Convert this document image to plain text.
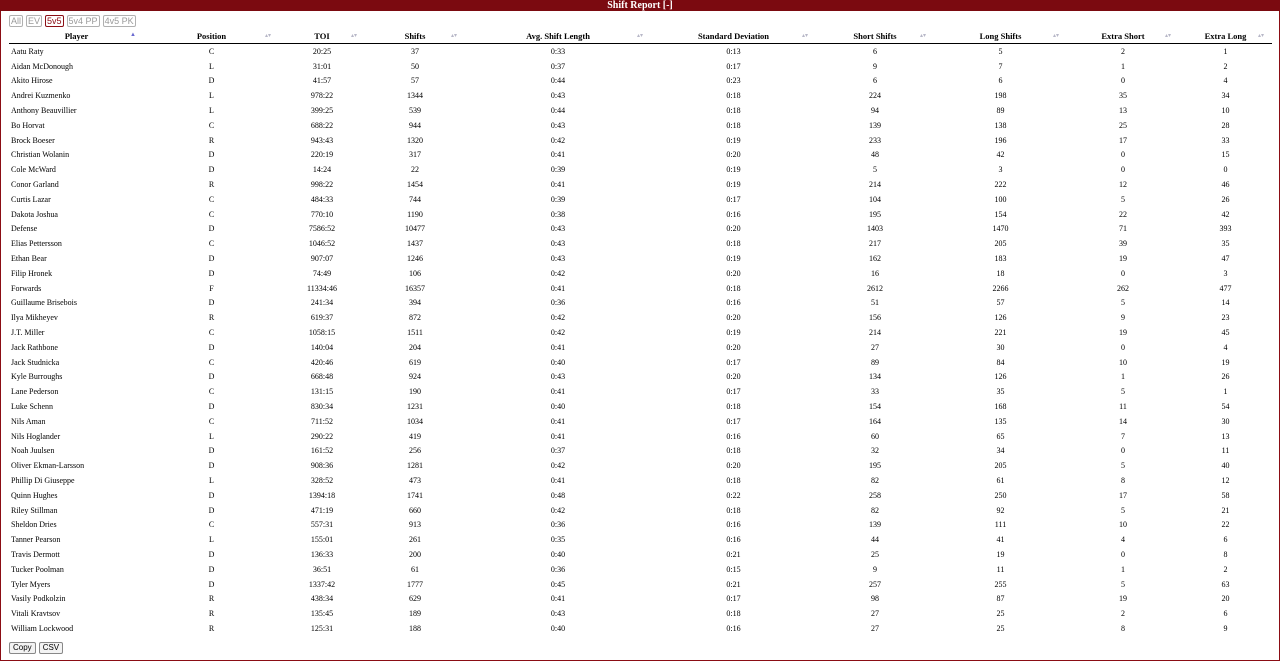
Shift Report [-]
All EV 5v5 5v4 PP 4v5 PK
Player ▲	Position ▴▾	TOI ▴▾	Shifts ▴▾	Avg. Shift Length ▴▾	Standard Deviation ▴▾	Short Shifts ▴▾	Long Shifts ▴▾	Extra Short ▴▾	Extra Long ▴▾

Aatu Raty	C	20:25	37	0:33	0:13	6	5	2	1
Aidan McDonough	L	31:01	50	0:37	0:17	9	7	1	2
Akito Hirose	D	41:57	57	0:44	0:23	6	6	0	4
Andrei Kuzmenko	L	978:22	1344	0:43	0:18	224	198	35	34
Anthony Beauvillier	L	399:25	539	0:44	0:18	94	89	13	10
Bo Horvat	C	688:22	944	0:43	0:18	139	138	25	28
Brock Boeser	R	943:43	1320	0:42	0:19	233	196	17	33
Christian Wolanin	D	220:19	317	0:41	0:20	48	42	0	15
Cole McWard	D	14:24	22	0:39	0:19	5	3	0	0
Conor Garland	R	998:22	1454	0:41	0:19	214	222	12	46
Curtis Lazar	C	484:33	744	0:39	0:17	104	100	5	26
Dakota Joshua	C	770:10	1190	0:38	0:16	195	154	22	42
Defense	D	7586:52	10477	0:43	0:20	1403	1470	71	393
Elias Pettersson	C	1046:52	1437	0:43	0:18	217	205	39	35
Ethan Bear	D	907:07	1246	0:43	0:19	162	183	19	47
Filip Hronek	D	74:49	106	0:42	0:20	16	18	0	3
Forwards	F	11334:46	16357	0:41	0:18	2612	2266	262	477
Guillaume Brisebois	D	241:34	394	0:36	0:16	51	57	5	14
Ilya Mikheyev	R	619:37	872	0:42	0:20	156	126	9	23
J.T. Miller	C	1058:15	1511	0:42	0:19	214	221	19	45
Jack Rathbone	D	140:04	204	0:41	0:20	27	30	0	4
Jack Studnicka	C	420:46	619	0:40	0:17	89	84	10	19
Kyle Burroughs	D	668:48	924	0:43	0:20	134	126	1	26
Lane Pederson	C	131:15	190	0:41	0:17	33	35	5	1
Luke Schenn	D	830:34	1231	0:40	0:18	154	168	11	54
Nils Aman	C	711:52	1034	0:41	0:17	164	135	14	30
Nils Hoglander	L	290:22	419	0:41	0:16	60	65	7	13
Noah Juulsen	D	161:52	256	0:37	0:18	32	34	0	11
Oliver Ekman-Larsson	D	908:36	1281	0:42	0:20	195	205	5	40
Phillip Di Giuseppe	L	328:52	473	0:41	0:18	82	61	8	12
Quinn Hughes	D	1394:18	1741	0:48	0:22	258	250	17	58
Riley Stillman	D	471:19	660	0:42	0:18	82	92	5	21
Sheldon Dries	C	557:31	913	0:36	0:16	139	111	10	22
Tanner Pearson	L	155:01	261	0:35	0:16	44	41	4	6
Travis Dermott	D	136:33	200	0:40	0:21	25	19	0	8
Tucker Poolman	D	36:51	61	0:36	0:15	9	11	1	2
Tyler Myers	D	1337:42	1777	0:45	0:21	257	255	5	63
Vasily Podkolzin	R	438:34	629	0:41	0:17	98	87	19	20
Vitali Kravtsov	R	135:45	189	0:43	0:18	27	25	2	6
William Lockwood	R	125:31	188	0:40	0:16	27	25	8	9
Copy	CSV
